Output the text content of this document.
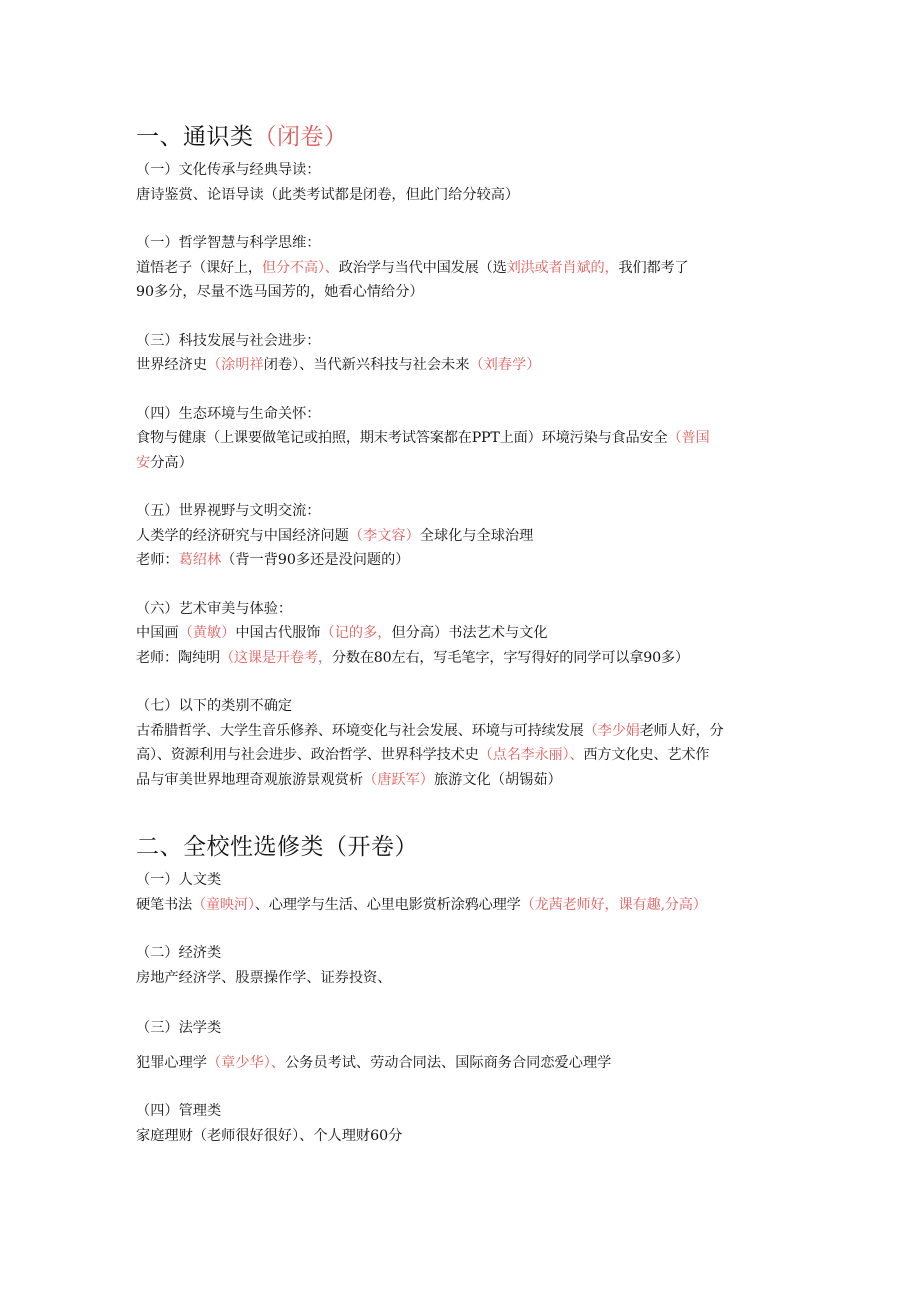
一、通识类（闭卷）
（一）文化传承与经典导读：
唐诗鉴赏、论语导读（此类考试都是闭卷，但此门给分较高）
（一）哲学智慧与科学思维：
道悟老子（课好上，但分不高）、政治学与当代中国发展（选刘洪或者肖斌的，我们都考了
90多分，尽量不选马国芳的，她看心情给分）
（三）科技发展与社会进步：
世界经济史（涂明祥闭卷）、当代新兴科技与社会未来（刘春学）
（四）生态环境与生命关怀：
食物与健康（上课要做笔记或拍照，期末考试答案都在PPT上面）环境污染与食品安全（普国
安分高）
（五）世界视野与文明交流：
人类学的经济研究与中国经济问题（李文容）全球化与全球治理
老师：葛绍林（背一背90多还是没问题的）
（六）艺术审美与体验：
中国画（黄敏）中国古代服饰（记的多，但分高）书法艺术与文化
老师：陶纯明（这课是开卷考，分数在80左右，写毛笔字，字写得好的同学可以拿90多）
（七）以下的类别不确定
古希腊哲学、大学生音乐修养、环境变化与社会发展、环境与可持续发展（李少娟老师人好，分
高）、资源利用与社会进步、政治哲学、世界科学技术史（点名李永丽）、西方文化史、艺术作
品与审美世界地理奇观旅游景观赏析（唐跃军）旅游文化（胡锡茹）
二、全校性选修类（开卷）
（一）人文类
硬笔书法（童映河）、心理学与生活、心里电影赏析涂鸦心理学（龙茜老师好，课有趣,分高）
（二）经济类
房地产经济学、股票操作学、证券投资、
（三）法学类
犯罪心理学（章少华）、公务员考试、劳动合同法、国际商务合同恋爱心理学
（四）管理类
家庭理财（老师很好很好）、个人理财60分
